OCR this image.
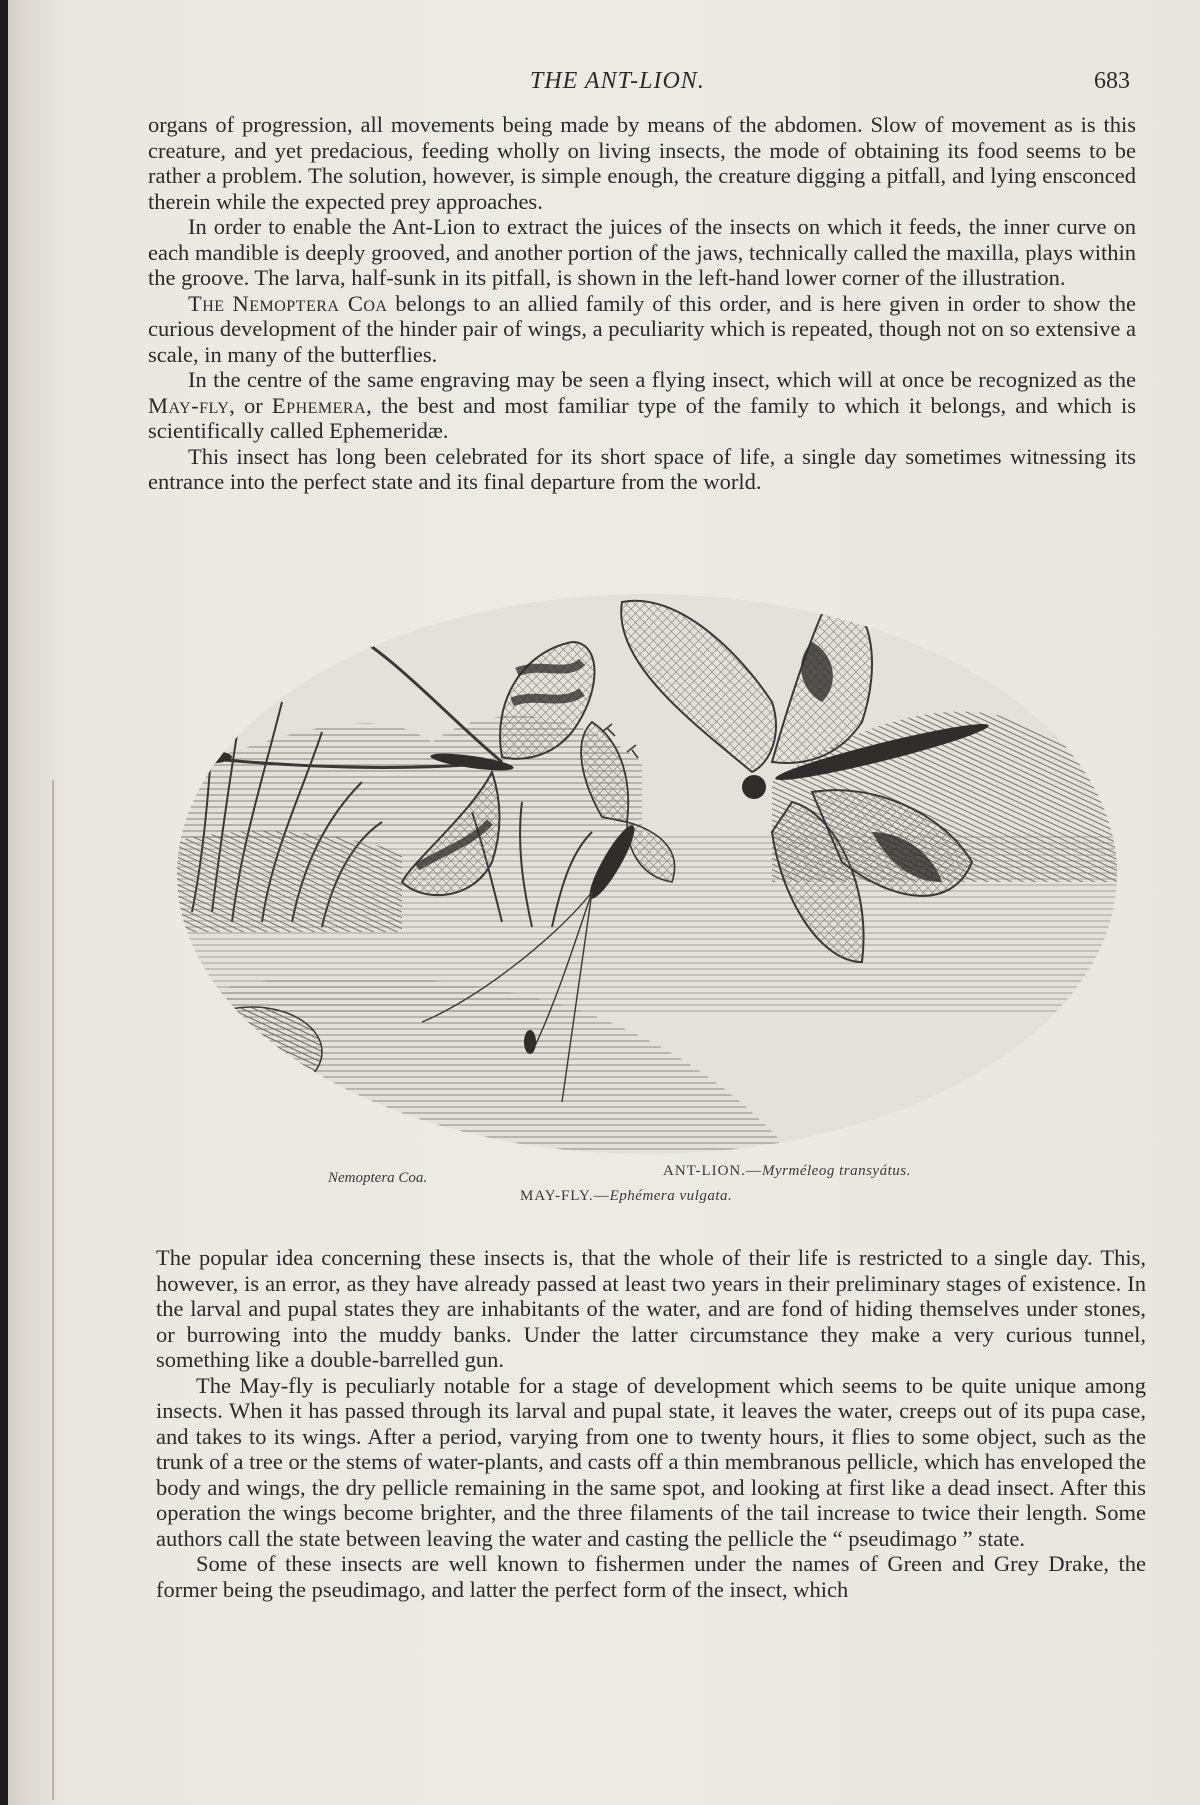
THE ANT-LION.	683

organs of progression, all movements being made by means of the abdomen. Slow of movement as is this creature, and yet predacious, feeding wholly on living insects, the mode of obtaining its food seems to be rather a problem. The solution, however, is simple enough, the creature digging a pitfall, and lying ensconced therein while the expected prey approaches.

In order to enable the Ant-Lion to extract the juices of the insects on which it feeds, the inner curve on each mandible is deeply grooved, and another portion of the jaws, technically called the maxilla, plays within the groove. The larva, half-sunk in its pitfall, is shown in the left-hand lower corner of the illustration.

The Nemoptera Coa belongs to an allied family of this order, and is here given in order to show the curious development of the hinder pair of wings, a peculiarity which is repeated, though not on so extensive a scale, in many of the butterflies.

In the centre of the same engraving may be seen a flying insect, which will at once be recognized as the May-fly, or Ephemera, the best and most familiar type of the family to which it belongs, and which is scientifically called Ephemeridæ.

This insect has long been celebrated for its short space of life, a single day sometimes witnessing its entrance into the perfect state and its final departure from the world.

Nemoptera Coa.	ANT-LION.—Myrméleog transyátus.
MAY-FLY.—Ephémera vulgata.

The popular idea concerning these insects is, that the whole of their life is restricted to a single day. This, however, is an error, as they have already passed at least two years in their preliminary stages of existence. In the larval and pupal states they are inhabitants of the water, and are fond of hiding themselves under stones, or burrowing into the muddy banks. Under the latter circumstance they make a very curious tunnel, something like a double-barrelled gun.

The May-fly is peculiarly notable for a stage of development which seems to be quite unique among insects. When it has passed through its larval and pupal state, it leaves the water, creeps out of its pupa case, and takes to its wings. After a period, varying from one to twenty hours, it flies to some object, such as the trunk of a tree or the stems of water-plants, and casts off a thin membranous pellicle, which has enveloped the body and wings, the dry pellicle remaining in the same spot, and looking at first like a dead insect. After this operation the wings become brighter, and the three filaments of the tail increase to twice their length. Some authors call the state between leaving the water and casting the pellicle the “ pseudimago ” state.

Some of these insects are well known to fishermen under the names of Green and Grey Drake, the former being the pseudimago, and latter the perfect form of the insect, which
